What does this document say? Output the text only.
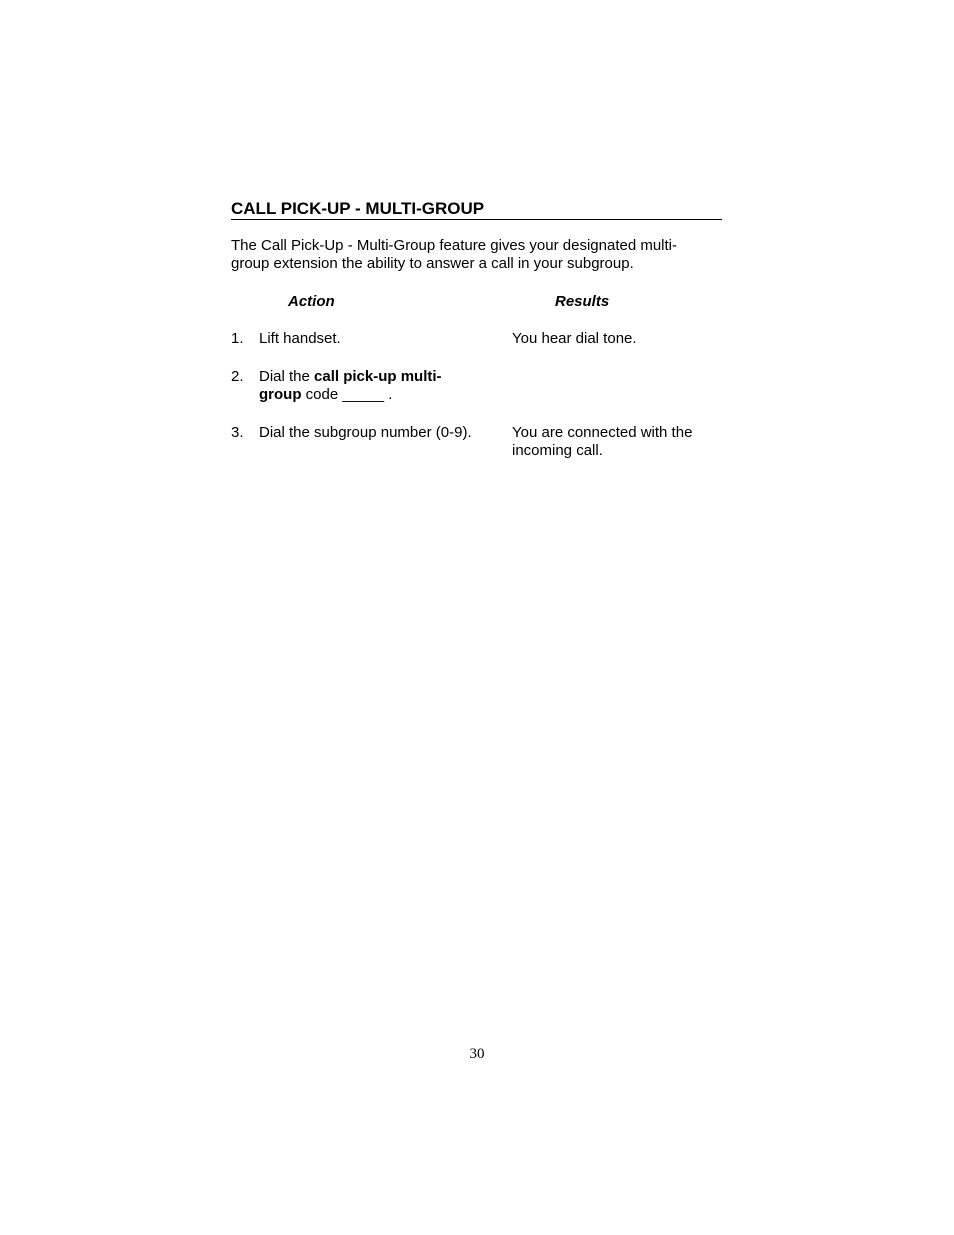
CALL PICK-UP - MULTI-GROUP

The Call Pick-Up - Multi-Group feature gives your designated multi-group extension the ability to answer a call in your subgroup.

Action	Results
1. Lift handset.	You hear dial tone.
2. Dial the call pick-up multi-group code _____ .
3. Dial the subgroup number (0-9).	You are connected with the incoming call.
30
